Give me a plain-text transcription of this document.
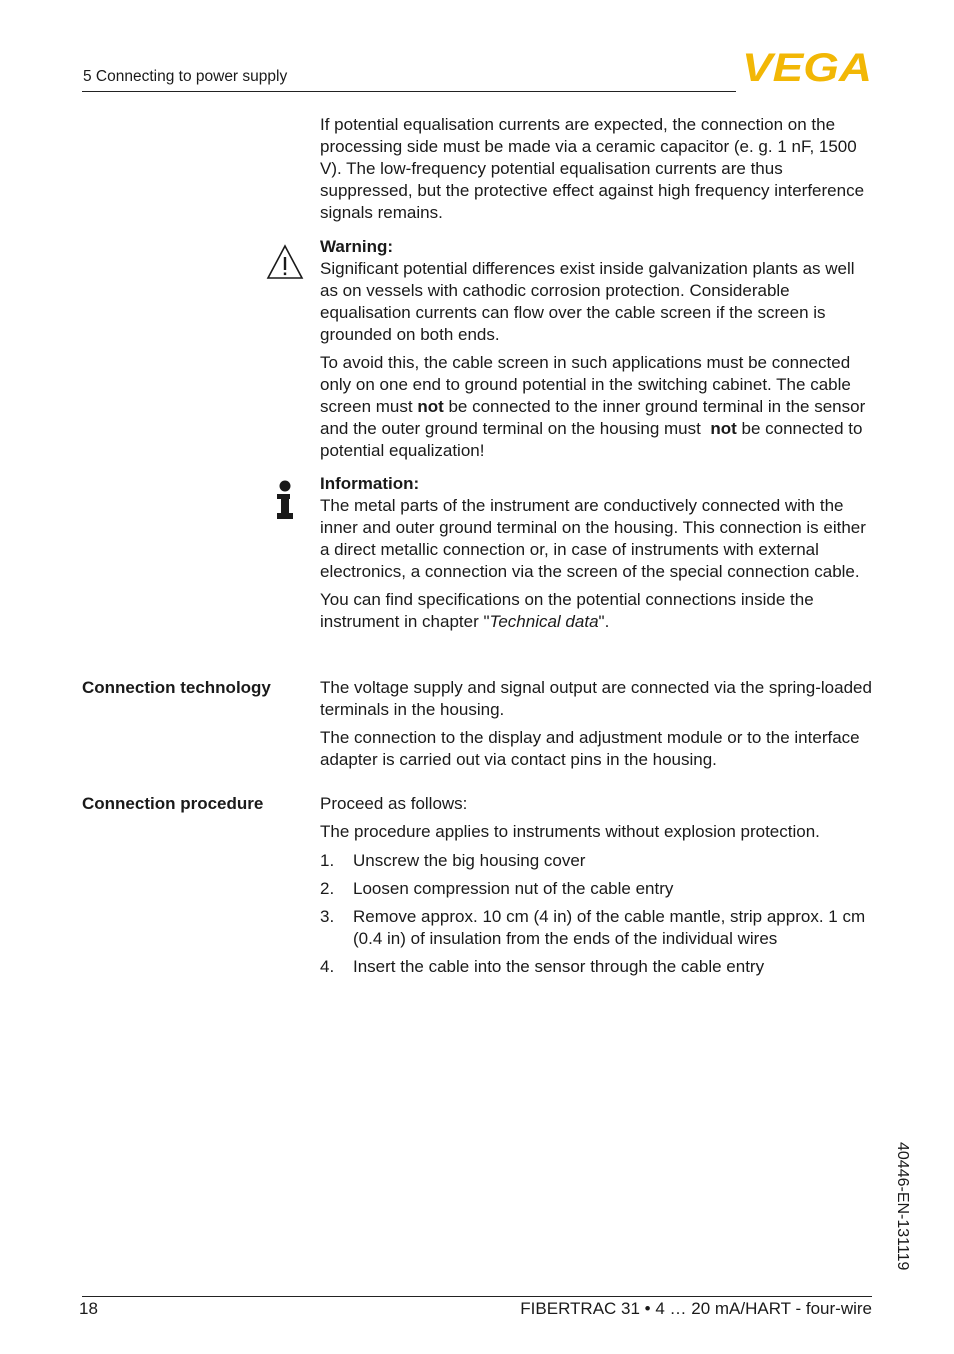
5 Connecting to power supply	VEGA

If potential equalisation currents are expected, the connection on the processing side must be made via a ceramic capacitor (e. g. 1 nF, 1500 V). The low-frequency potential equalisation currents are thus suppressed, but the protective effect against high frequency interference signals remains.

Warning:

Significant potential differences exist inside galvanization plants as well as on vessels with cathodic corrosion protection. Considerable equalisation currents can flow over the cable screen if the screen is grounded on both ends.

To avoid this, the cable screen in such applications must be connected only on one end to ground potential in the switching cabinet. The cable screen must not be connected to the inner ground terminal in the sensor and the outer ground terminal on the housing must  not be connected to potential equalization!

Information:

The metal parts of the instrument are conductively connected with the inner and outer ground terminal on the housing. This connection is either a direct metallic connection or, in case of instruments with external electronics, a connection via the screen of the special connection cable.

You can find specifications on the potential connections inside the instrument in chapter "Technical data".

Connection technology	The voltage supply and signal output are connected via the spring-loaded terminals in the housing.

The connection to the display and adjustment module or to the interface adapter is carried out via contact pins in the housing.

Connection procedure	Proceed as follows:

The procedure applies to instruments without explosion protection.

1. Unscrew the big housing cover
2. Loosen compression nut of the cable entry
3. Remove approx. 10 cm (4 in) of the cable mantle, strip approx. 1 cm (0.4 in) of insulation from the ends of the individual wires
4. Insert the cable into the sensor through the cable entry
40446-EN-131119
18	FIBERTRAC 31 • 4 … 20 mA/HART - four-wire
